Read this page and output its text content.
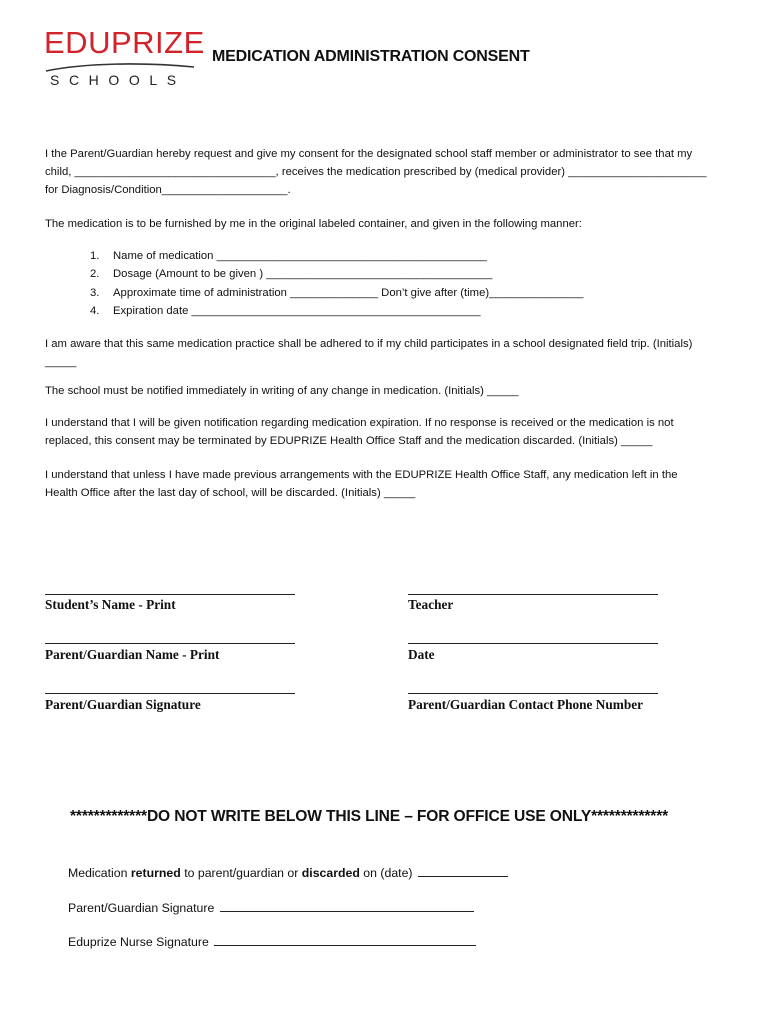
EDUPRIZE
SCHOOLS
MEDICATION ADMINISTRATION CONSENT
I the Parent/Guardian hereby request and give my consent for the designated school staff member or administrator to see that my
child, ________________________________, receives the medication prescribed by (medical provider) ______________________
for Diagnosis/Condition____________________.
The medication is to be furnished by me in the original labeled container, and given in the following manner:
1. Name of medication ___________________________________________
2. Dosage (Amount to be given ) ____________________________________
3. Approximate time of administration ______________ Don’t give after (time)_______________
4. Expiration date ______________________________________________
I am aware that this same medication practice shall be adhered to if my child participates in a school designated field trip. (Initials)
_____
The school must be notified immediately in writing of any change in medication. (Initials) _____
I understand that I will be given notification regarding medication expiration. If no response is received or the medication is not
replaced, this consent may be terminated by EDUPRIZE Health Office Staff and the medication discarded. (Initials) _____
I understand that unless I have made previous arrangements with the EDUPRIZE Health Office Staff, any medication left in the
Health Office after the last day of school, will be discarded. (Initials) _____
Student’s Name - Print	Teacher
Parent/Guardian Name - Print	Date
Parent/Guardian Signature	Parent/Guardian Contact Phone Number
*************DO NOT WRITE BELOW THIS LINE – FOR OFFICE USE ONLY*************
Medication returned to parent/guardian or discarded on (date)
Parent/Guardian Signature
Eduprize Nurse Signature
